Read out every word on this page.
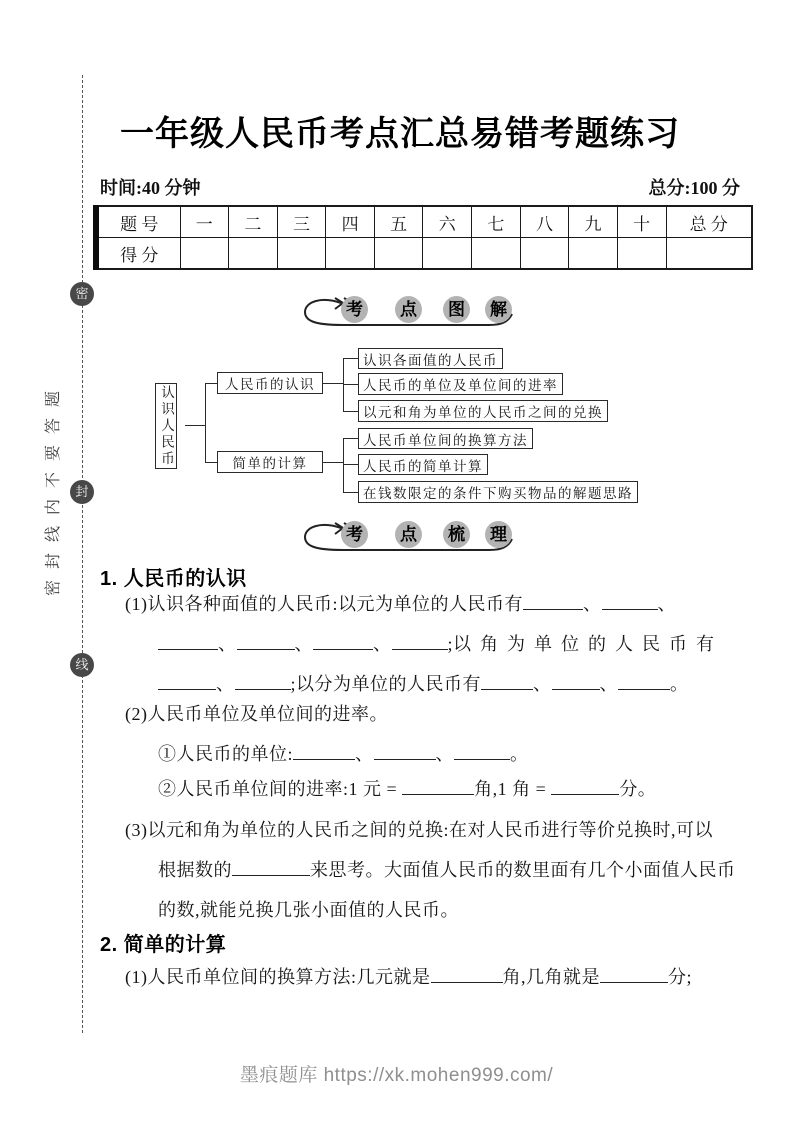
密
封
线
密封线内不要答题
一年级人民币考点汇总易错考题练习
时间:40 分钟	总分:100 分
题 号	一	二	三	四	五	六	七	八	九	十	总 分
得 分											
考 点 图 解
认识人民币
人民币的认识
简单的计算
认识各面值的人民币
人民币的单位及单位间的进率
以元和角为单位的人民币之间的兑换
人民币单位间的换算方法
人民币的简单计算
在钱数限定的条件下购买物品的解题思路
考 点 梳 理
1. 人民币的认识
(1)认识各种面值的人民币:以元为单位的人民币有	、	、
、	、	、	;以角为单位的人民币有
、	;以分为单位的人民币有	、	、	。
(2)人民币单位及单位间的进率。
①人民币的单位:	、	、	。
②人民币单位间的进率:1 元 =	角,1 角 =	分。
(3)以元和角为单位的人民币之间的兑换:在对人民币进行等价兑换时,可以
根据数的	来思考。大面值人民币的数里面有几个小面值人民币
的数,就能兑换几张小面值的人民币。
2. 简单的计算
(1)人民币单位间的换算方法:几元就是	角,几角就是	分;
墨痕题库 https://xk.mohen999.com/
